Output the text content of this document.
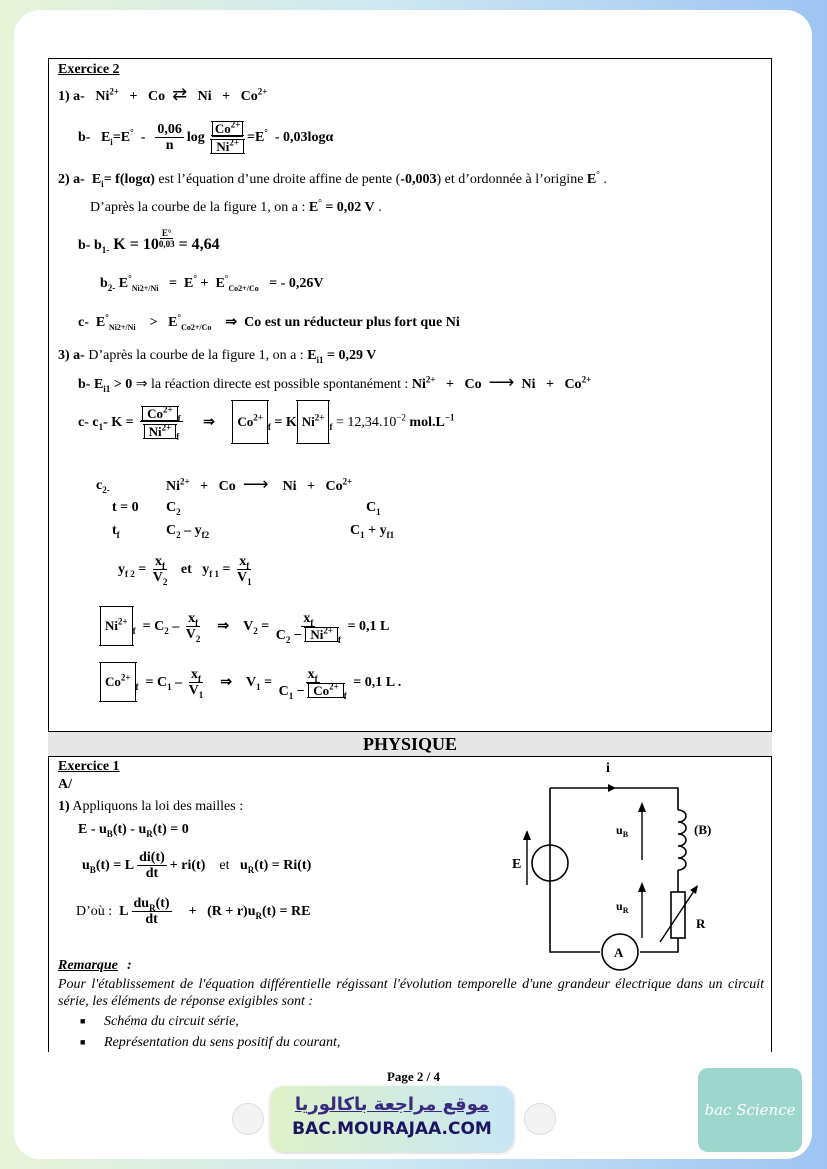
Exercice 2
1) a- $Ni^{2+} + Co$ ⇄ $Ni + Co^{2+}$
b- $E_i=E^\circ - \frac{0,06}{n}$ $\log \frac{Co^{2+}}{Ni^{2+}} =E^\circ - 0,03\log\alpha$
2) a- $E_i= f(\log\alpha)$ est l’équation d’une droite affine de pente (-0,003) et d’ordonnée à l’origine E° .
D’après la courbe de la figure 1, on a : E° = 0,02 V .
b- $b_{1-}$ $K = 10 \frac{E^\circ}{0,03} = 4,64$
$b_{2-}$ $E^\circ_{Ni2+/Ni} = E^\circ + E^\circ_{Co2+/Co}$   = - 0,26V
c- $E^\circ_{Ni2+/Ni} > E^\circ_{Co2+/Co}$ ⇒ Co est un réducteur plus fort que Ni
3) a- D’après la courbe de la figure 1, on a : $E_{i1} = 0,29$ V
b- $E_{i1} > 0$ ⇒ la réaction directe est possible spontanément : $Ni^{2+} + Co$ ⟶ $Ni + Co^{2+}$
c- $c_1-$ $K = \frac{Co^{2+}_f}{Ni^{2+}_f}$ ⇒ $Co^{2+}_f = K$ $Ni^{2+}_f = 12,34.10^{-2}$ $mol.L^{-1}$
$c_{2-}$	$Ni^{2+} + Co$ ⟶ $Ni + Co^{2+}$
t = 0 $C_2$	$C_1$
$t_f$	$C_2 - y_{f2}$	$C_1 + y_{f1}$
$y_{f 2} = \frac{x_f}{V_2}$ et $y_{f 1} = \frac{x_f}{V_1}$
$Ni^{2+}_f = C_2 - \frac{x_f}{V_2}$ ⇒ $V_2 = \frac{x_f}{C_2 - Ni^{2+}_f} = 0,1$ L
$Co^{2+}_f = C_1 - \frac{x_f}{V_1}$ ⇒ $V_1 = \frac{x_f}{C_1 - Co^{2+}_f} = 0,1$ L .
PHYSIQUE
Exercice 1
A/
1) Appliquons la loi des mailles :
$E - u_B(t) - u_R(t) = 0$
$u_B(t) = L \frac{di(t)}{dt} + ri(t)$ et $u_R(t) = Ri(t)$
D’où :  L $\frac{du_R(t)}{dt} + (R + r)u_R(t)$ = RE
Remarque :
Pour l'établissement de l'équation différentielle régissant l'évolution temporelle d'une grandeur électrique dans un circuit série, les éléments de réponse exigibles sont :
■ Schéma du circuit série,
■ Représentation du sens positif du courant,
i
E
$u_B$	(B)
$u_R$
R
A
Page 2 / 4
موقع مراجعة باكالوريا
BAC.MOURAJAA.COM
bac Science
